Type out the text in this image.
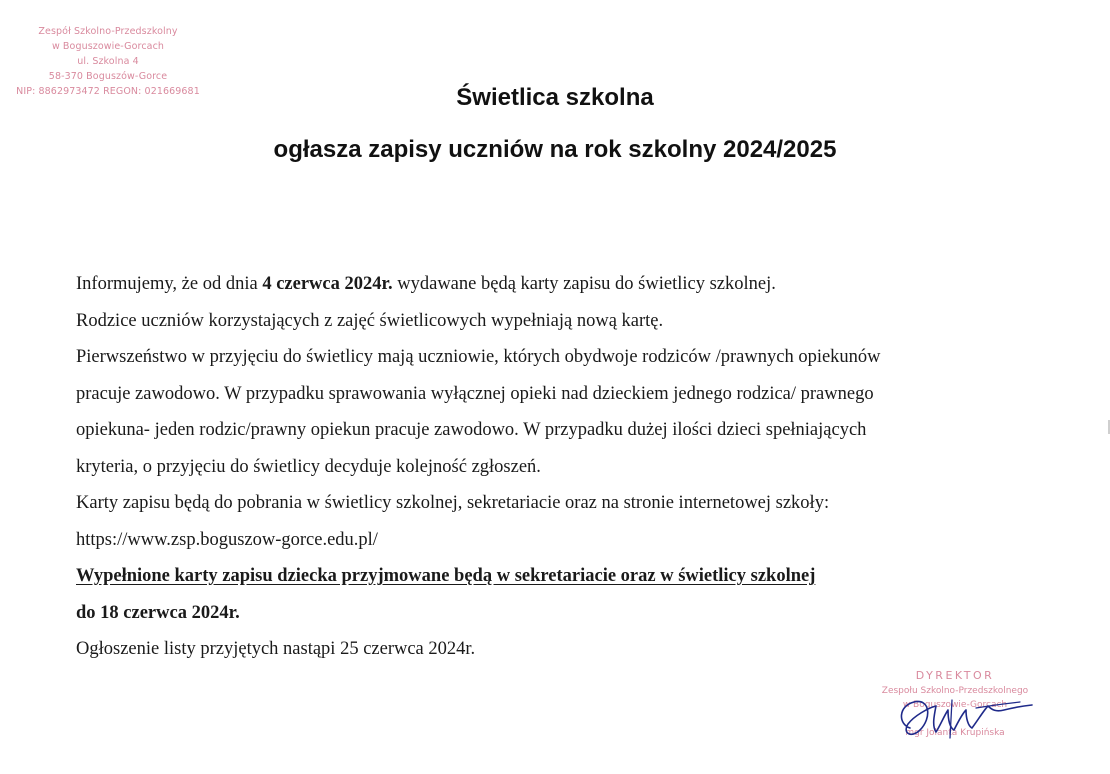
Zespół Szkolno-Przedszkolny
w Boguszowie-Gorcach
ul. Szkolna 4
58-370 Boguszów-Gorce
NIP: 8862973472 REGON: 021669681	Świetlica szkolna
ogłasza zapisy uczniów na rok szkolny 2024/2025
Informujemy, że od dnia 4 czerwca 2024r. wydawane będą karty zapisu do świetlicy szkolnej.
Rodzice uczniów korzystających z zajęć świetlicowych wypełniają nową kartę.
Pierwszeństwo w przyjęciu do świetlicy mają uczniowie, których obydwoje rodziców /prawnych opiekunów
pracuje zawodowo. W przypadku sprawowania wyłącznej opieki nad dzieckiem jednego rodzica/ prawnego
opiekuna- jeden rodzic/prawny opiekun pracuje zawodowo. W przypadku dużej ilości dzieci spełniających
kryteria, o przyjęciu do świetlicy decyduje kolejność zgłoszeń.
Karty zapisu będą do pobrania w świetlicy szkolnej, sekretariacie oraz na stronie internetowej szkoły:
https://www.zsp.boguszow-gorce.edu.pl/
Wypełnione karty zapisu dziecka przyjmowane będą w sekretariacie oraz w świetlicy szkolnej
do 18 czerwca 2024r.
Ogłoszenie listy przyjętych nastąpi 25 czerwca 2024r.
DYREKTOR
Zespołu Szkolno-Przedszkolnego
w Boguszowie-Gorcach
mgr Jolanta Krupińska
